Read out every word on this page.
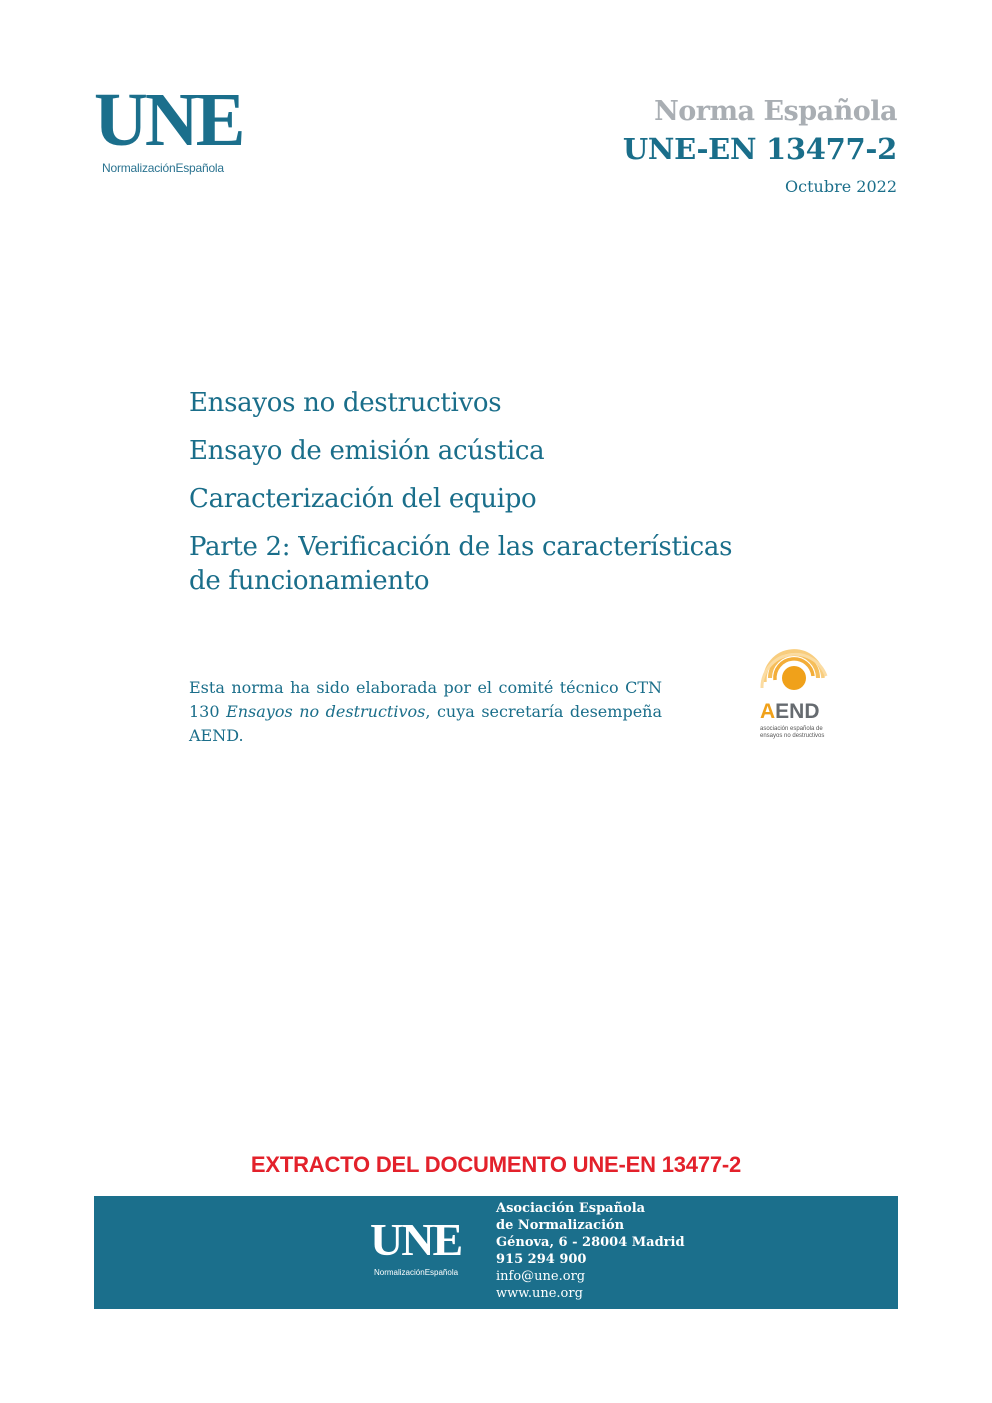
UNE
NormalizaciónEspañola
Norma Española
UNE-EN 13477-2
Octubre 2022
Ensayos no destructivos
Ensayo de emisión acústica
Caracterización del equipo
Parte 2: Verificación de las características
de funcionamiento
Esta norma ha sido elaborada por el comité técnico CTN 130 Ensayos no destructivos, cuya secretaría desempeña AEND.
AEND
asociación española de
ensayos no destructivos
EXTRACTO DEL DOCUMENTO UNE-EN 13477-2
UNE
NormalizaciónEspañola
Asociación Española
de Normalización
Génova, 6 - 28004 Madrid
915 294 900
info@une.org
www.une.org
